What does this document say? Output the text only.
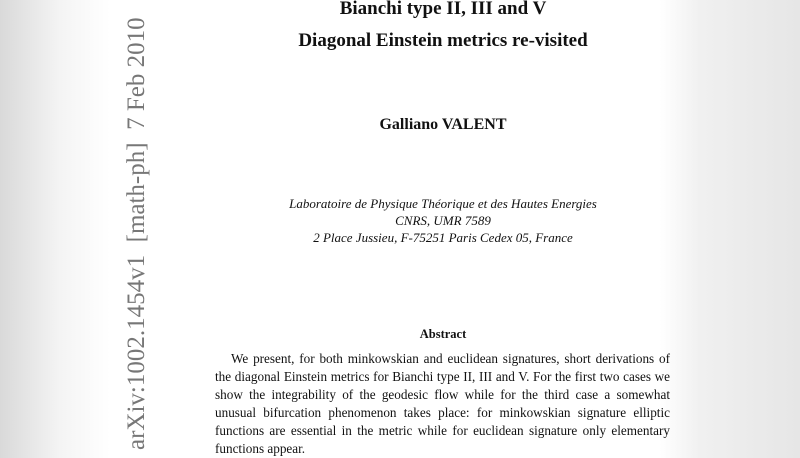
Bianchi type II, III and V
Diagonal Einstein metrics re-visited
Galliano VALENT
Laboratoire de Physique Théorique et des Hautes Energies
CNRS, UMR 7589
2 Place Jussieu, F-75251 Paris Cedex 05, France
Abstract
We present, for both minkowskian and euclidean signatures, short derivations of the diagonal Einstein metrics for Bianchi type II, III and V. For the first two cases we show the integrability of the geodesic flow while for the third case a somewhat unusual bifurcation phenomenon takes place: for minkowskian signature elliptic functions are essential in the metric while for euclidean signature only elementary functions appear.
arXiv:1002.1454v1  [math-ph]  7 Feb 2010
